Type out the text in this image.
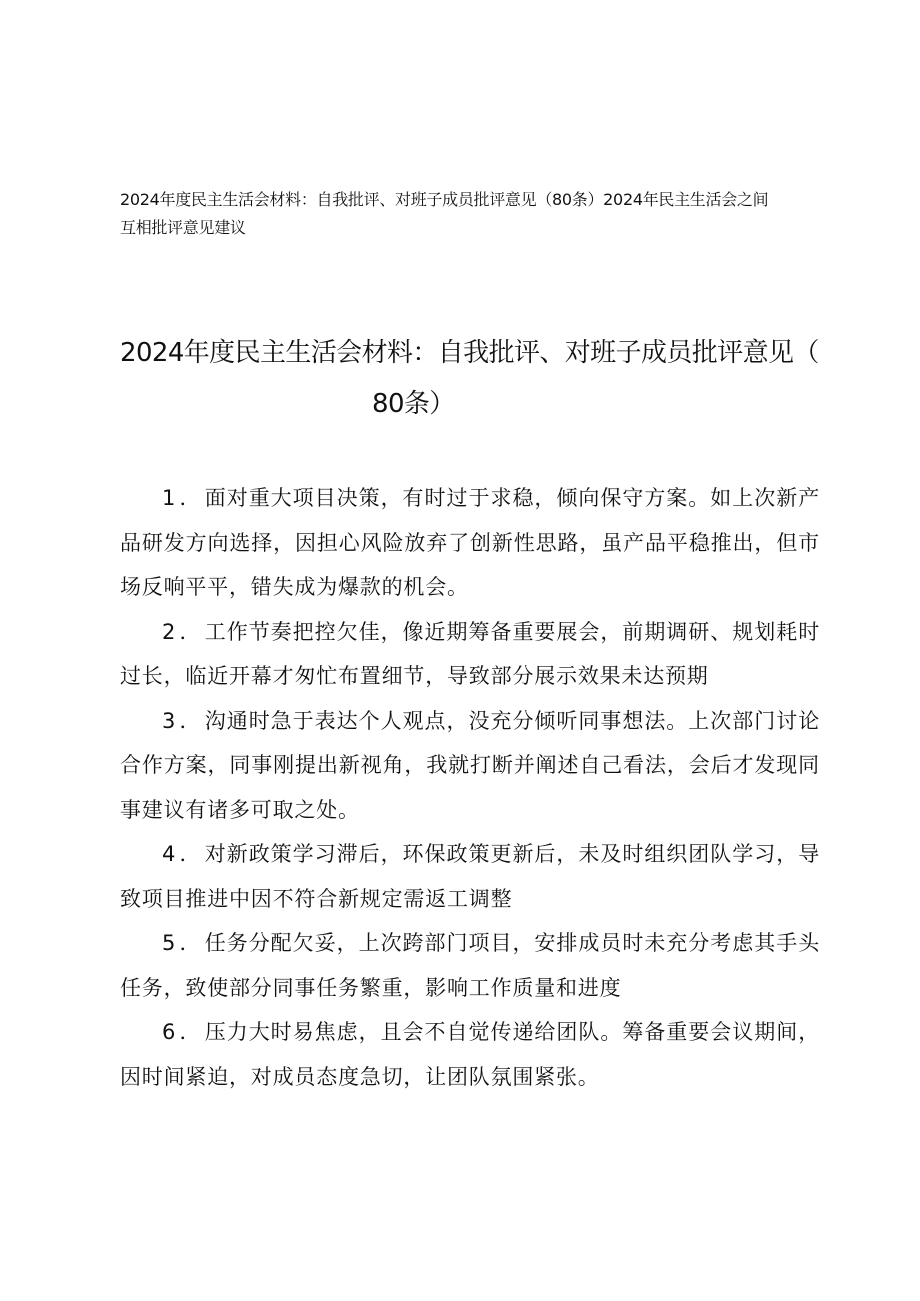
2024年度民主生活会材料：自我批评、对班子成员批评意见（80条）2024年民主生活会之间
互相批评意见建议
2024年度民主生活会材料：自我批评、对班子成员批评意见（
80条）

1．面对重大项目决策，有时过于求稳，倾向保守方案。如上次新产品研发方向选择，因担心风险放弃了创新性思路，虽产品平稳推出，但市场反响平平，错失成为爆款的机会。

2．工作节奏把控欠佳，像近期筹备重要展会，前期调研、规划耗时过长，临近开幕才匆忙布置细节，导致部分展示效果未达预期

3．沟通时急于表达个人观点，没充分倾听同事想法。上次部门讨论合作方案，同事刚提出新视角，我就打断并阐述自己看法，会后才发现同事建议有诸多可取之处。

4．对新政策学习滞后，环保政策更新后，未及时组织团队学习，导致项目推进中因不符合新规定需返工调整

5．任务分配欠妥，上次跨部门项目，安排成员时未充分考虑其手头任务，致使部分同事任务繁重，影响工作质量和进度

6．压力大时易焦虑，且会不自觉传递给团队。筹备重要会议期间，因时间紧迫，对成员态度急切，让团队氛围紧张。
